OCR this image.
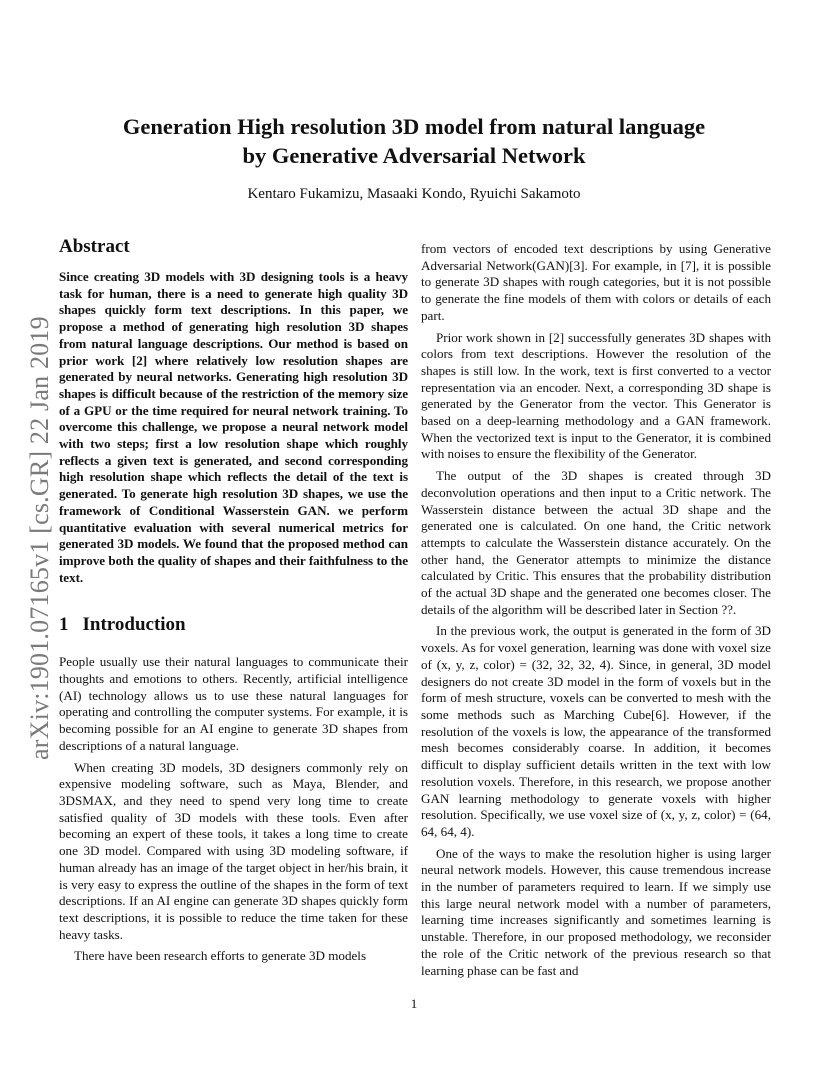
arXiv:1901.07165v1 [cs.GR] 22 Jan 2019
Generation High resolution 3D model from natural language
by Generative Adversarial Network
Kentaro Fukamizu, Masaaki Kondo, Ryuichi Sakamoto
Abstract

Since creating 3D models with 3D designing tools is a heavy task for human, there is a need to generate high quality 3D shapes quickly form text descriptions. In this paper, we propose a method of generating high resolution 3D shapes from natural language descriptions. Our method is based on prior work [2] where relatively low resolution shapes are generated by neural networks. Generating high resolution 3D shapes is difficult because of the restriction of the memory size of a GPU or the time required for neural network training. To overcome this challenge, we propose a neural network model with two steps; first a low resolution shape which roughly reflects a given text is generated, and second corresponding high resolution shape which reflects the detail of the text is generated. To generate high resolution 3D shapes, we use the framework of Conditional Wasserstein GAN. we perform quantitative evaluation with several numerical metrics for generated 3D models. We found that the proposed method can improve both the quality of shapes and their faithfulness to the text.

1 Introduction

People usually use their natural languages to communicate their thoughts and emotions to others. Recently, artificial intelligence (AI) technology allows us to use these natural languages for operating and controlling the computer systems. For example, it is becoming possible for an AI engine to generate 3D shapes from descriptions of a natural language.

When creating 3D models, 3D designers commonly rely on expensive modeling software, such as Maya, Blender, and 3DSMAX, and they need to spend very long time to create satisfied quality of 3D models with these tools. Even after becoming an expert of these tools, it takes a long time to create one 3D model. Compared with using 3D modeling software, if human already has an image of the target object in her/his brain, it is very easy to express the outline of the shapes in the form of text descriptions. If an AI engine can generate 3D shapes quickly form text descriptions, it is possible to reduce the time taken for these heavy tasks.

There have been research efforts to generate 3D models

from vectors of encoded text descriptions by using Generative Adversarial Network(GAN)[3]. For example, in [7], it is possible to generate 3D shapes with rough categories, but it is not possible to generate the fine models of them with colors or details of each part.

Prior work shown in [2] successfully generates 3D shapes with colors from text descriptions. However the resolution of the shapes is still low. In the work, text is first converted to a vector representation via an encoder. Next, a corresponding 3D shape is generated by the Generator from the vector. This Generator is based on a deep-learning methodology and a GAN framework. When the vectorized text is input to the Generator, it is combined with noises to ensure the flexibility of the Generator.

The output of the 3D shapes is created through 3D deconvolution operations and then input to a Critic network. The Wasserstein distance between the actual 3D shape and the generated one is calculated. On one hand, the Critic network attempts to calculate the Wasserstein distance accurately. On the other hand, the Generator attempts to minimize the distance calculated by Critic. This ensures that the probability distribution of the actual 3D shape and the generated one becomes closer. The details of the algorithm will be described later in Section ??.

In the previous work, the output is generated in the form of 3D voxels. As for voxel generation, learning was done with voxel size of (x, y, z, color) = (32, 32, 32, 4). Since, in general, 3D model designers do not create 3D model in the form of voxels but in the form of mesh structure, voxels can be converted to mesh with the some methods such as Marching Cube[6]. However, if the resolution of the voxels is low, the appearance of the transformed mesh becomes considerably coarse. In addition, it becomes difficult to display sufficient details written in the text with low resolution voxels. Therefore, in this research, we propose another GAN learning methodology to generate voxels with higher resolution. Specifically, we use voxel size of (x, y, z, color) = (64, 64, 64, 4).

One of the ways to make the resolution higher is using larger neural network models. However, this cause tremendous increase in the number of parameters required to learn. If we simply use this large neural network model with a number of parameters, learning time increases significantly and sometimes learning is unstable. Therefore, in our proposed methodology, we reconsider the role of the Critic network of the previous research so that learning phase can be fast and

1
